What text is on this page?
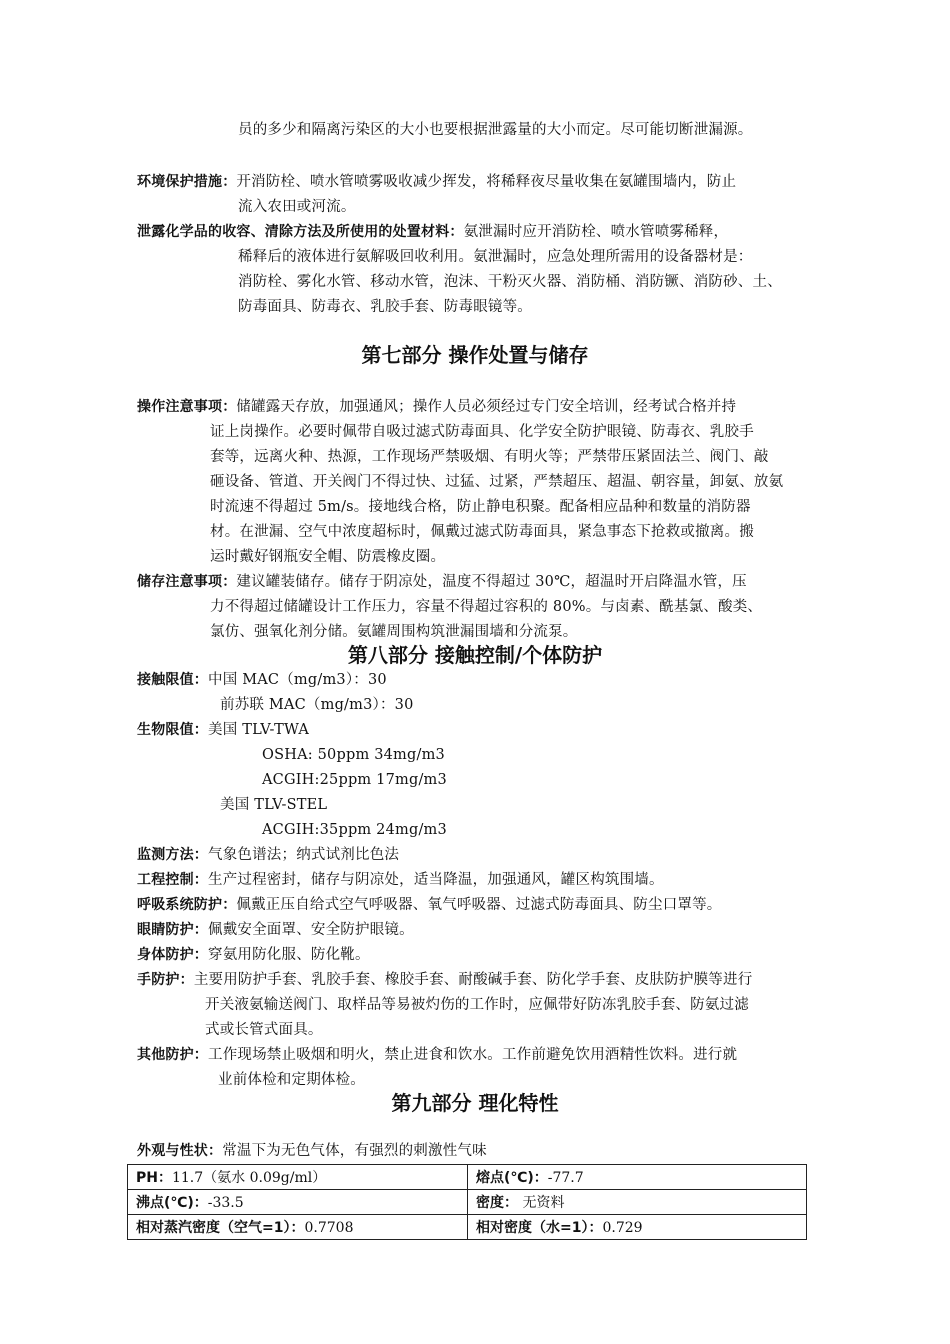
员的多少和隔离污染区的大小也要根据泄露量的大小而定。尽可能切断泄漏源。
环境保护措施：开消防栓、喷水管喷雾吸收减少挥发，将稀释夜尽量收集在氨罐围墙内，防止
流入农田或河流。
泄露化学品的收容、清除方法及所使用的处置材料：氨泄漏时应开消防栓、喷水管喷雾稀释，
稀释后的液体进行氨解吸回收利用。氨泄漏时，应急处理所需用的设备器材是：
消防栓、雾化水管、移动水管，泡沫、干粉灭火器、消防桶、消防镢、消防砂、土、
防毒面具、防毒衣、乳胶手套、防毒眼镜等。
第七部分 操作处置与储存
操作注意事项：储罐露天存放，加强通风；操作人员必须经过专门安全培训，经考试合格并持
证上岗操作。必要时佩带自吸过滤式防毒面具、化学安全防护眼镜、防毒衣、乳胶手
套等，远离火种、热源，工作现场严禁吸烟、有明火等；严禁带压紧固法兰、阀门、敲
砸设备、管道、开关阀门不得过快、过猛、过紧，严禁超压、超温、朝容量，卸氨、放氨
时流速不得超过 5m/s。接地线合格，防止静电积聚。配备相应品种和数量的消防器
材。在泄漏、空气中浓度超标时，佩戴过滤式防毒面具，紧急事态下抢救或撤离。搬
运时戴好钢瓶安全帽、防震橡皮圈。
储存注意事项：建议罐装储存。储存于阴凉处，温度不得超过 30℃，超温时开启降温水管，压
力不得超过储罐设计工作压力，容量不得超过容积的 80%。与卤素、酰基氯、酸类、
氯仿、强氧化剂分储。氨罐周围构筑泄漏围墙和分流泵。
第八部分 接触控制/个体防护
接触限值：中国 MAC（mg/m3）：30
前苏联 MAC（mg/m3）：30
生物限值：美国 TLV-TWA
OSHA: 50ppm 34mg/m3
ACGIH:25ppm 17mg/m3
美国 TLV-STEL
ACGIH:35ppm 24mg/m3
监测方法：气象色谱法；纳式试剂比色法
工程控制：生产过程密封，储存与阴凉处，适当降温，加强通风，罐区构筑围墙。
呼吸系统防护：佩戴正压自给式空气呼吸器、氧气呼吸器、过滤式防毒面具、防尘口罩等。
眼睛防护：佩戴安全面罩、安全防护眼镜。
身体防护：穿氨用防化服、防化靴。
手防护：主要用防护手套、乳胶手套、橡胶手套、耐酸碱手套、防化学手套、皮肤防护膜等进行
开关液氨输送阀门、取样品等易被灼伤的工作时，应佩带好防冻乳胶手套、防氨过滤
式或长管式面具。
其他防护：工作现场禁止吸烟和明火，禁止进食和饮水。工作前避免饮用酒精性饮料。进行就
业前体检和定期体检。
第九部分 理化特性
外观与性状：常温下为无色气体，有强烈的刺激性气味
PH：11.7（氨水 0.09g/ml）	熔点(℃)：-77.7
沸点(℃)：-33.5	密度： 无资料
相对蒸汽密度（空气=1）：0.7708	相对密度（水=1）：0.729
